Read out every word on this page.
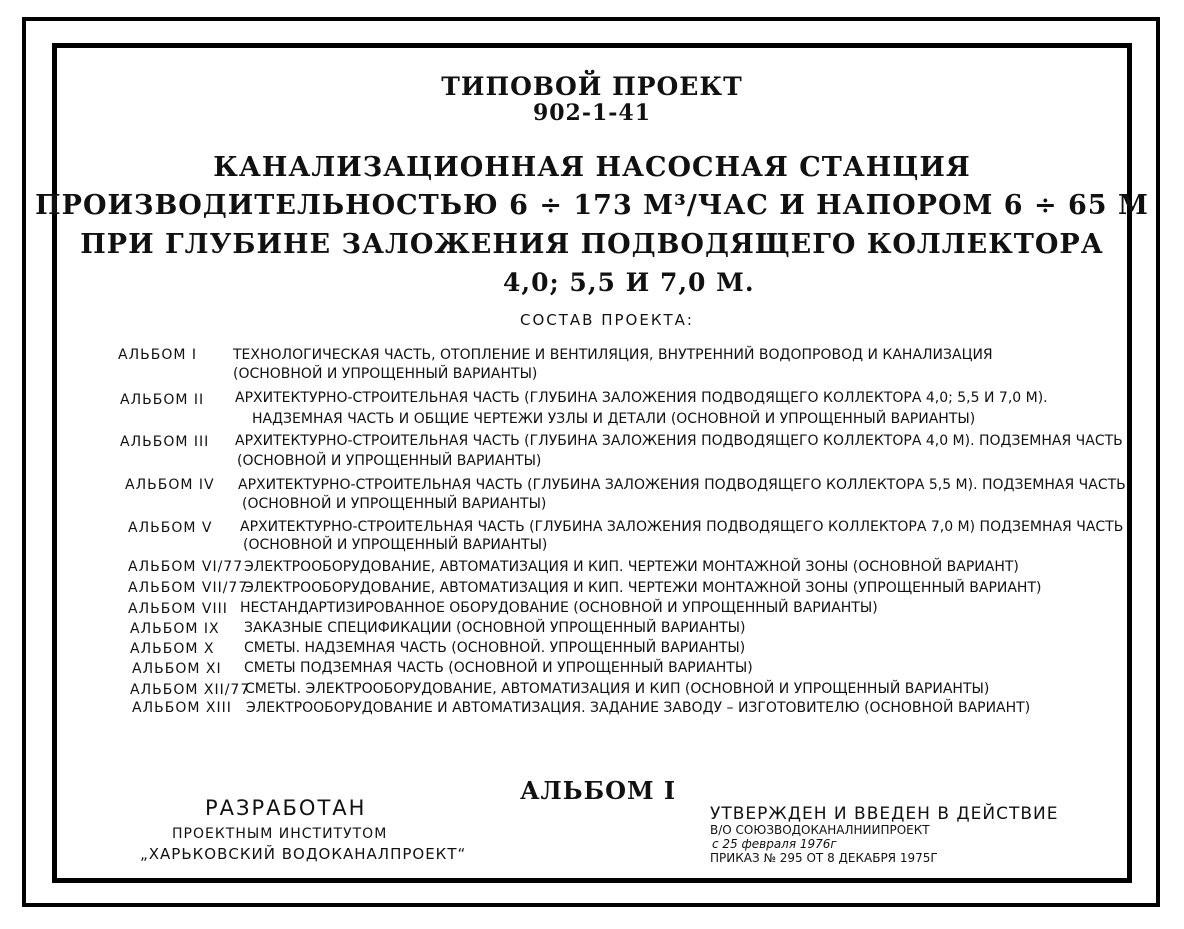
ТИПОВОЙ ПРОЕКТ
902-1-41
КАНАЛИЗАЦИОННАЯ НАСОСНАЯ СТАНЦИЯ
ПРОИЗВОДИТЕЛЬНОСТЬЮ 6 ÷ 173 М³/ЧАС И НАПОРОМ 6 ÷ 65 М
ПРИ ГЛУБИНЕ ЗАЛОЖЕНИЯ ПОДВОДЯЩЕГО КОЛЛЕКТОРА
4,0; 5,5 И 7,0 М.
СОСТАВ ПРОЕКТА:
АЛЬБОМ I	ТЕХНОЛОГИЧЕСКАЯ ЧАСТЬ, ОТОПЛЕНИЕ И ВЕНТИЛЯЦИЯ, ВНУТРЕННИЙ ВОДОПРОВОД И КАНАЛИЗАЦИЯ
(ОСНОВНОЙ И УПРОЩЕННЫЙ ВАРИАНТЫ)
АЛЬБОМ II АРХИТЕКТУРНО-СТРОИТЕЛЬНАЯ ЧАСТЬ (ГЛУБИНА ЗАЛОЖЕНИЯ ПОДВОДЯЩЕГО КОЛЛЕКТОРА 4,0; 5,5 И 7,0 М).
НАДЗЕМНАЯ ЧАСТЬ И ОБЩИЕ ЧЕРТЕЖИ УЗЛЫ И ДЕТАЛИ (ОСНОВНОЙ И УПРОЩЕННЫЙ ВАРИАНТЫ)
АЛЬБОМ III АРХИТЕКТУРНО-СТРОИТЕЛЬНАЯ ЧАСТЬ (ГЛУБИНА ЗАЛОЖЕНИЯ ПОДВОДЯЩЕГО КОЛЛЕКТОРА 4,0 М). ПОДЗЕМНАЯ ЧАСТЬ
(ОСНОВНОЙ И УПРОЩЕННЫЙ ВАРИАНТЫ)
АЛЬБОМ IV АРХИТЕКТУРНО-СТРОИТЕЛЬНАЯ ЧАСТЬ (ГЛУБИНА ЗАЛОЖЕНИЯ ПОДВОДЯЩЕГО КОЛЛЕКТОРА 5,5 М). ПОДЗЕМНАЯ ЧАСТЬ
(ОСНОВНОЙ И УПРОЩЕННЫЙ ВАРИАНТЫ)
АЛЬБОМ V АРХИТЕКТУРНО-СТРОИТЕЛЬНАЯ ЧАСТЬ (ГЛУБИНА ЗАЛОЖЕНИЯ ПОДВОДЯЩЕГО КОЛЛЕКТОРА 7,0 М) ПОДЗЕМНАЯ ЧАСТЬ
(ОСНОВНОЙ И УПРОЩЕННЫЙ ВАРИАНТЫ)
АЛЬБОМ VI/77 ЭЛЕКТРООБОРУДОВАНИЕ, АВТОМАТИЗАЦИЯ И КИП. ЧЕРТЕЖИ МОНТАЖНОЙ ЗОНЫ (ОСНОВНОЙ ВАРИАНТ)
АЛЬБОМ VII/77
ЭЛЕКТРООБОРУДОВАНИЕ, АВТОМАТИЗАЦИЯ И КИП. ЧЕРТЕЖИ МОНТАЖНОЙ ЗОНЫ (УПРОЩЕННЫЙ ВАРИАНТ)
АЛЬБОМ VIII НЕСТАНДАРТИЗИРОВАННОЕ ОБОРУДОВАНИЕ (ОСНОВНОЙ И УПРОЩЕННЫЙ ВАРИАНТЫ)
АЛЬБОМ IX ЗАКАЗНЫЕ СПЕЦИФИКАЦИИ (ОСНОВНОЙ УПРОЩЕННЫЙ ВАРИАНТЫ)
АЛЬБОМ X СМЕТЫ. НАДЗЕМНАЯ ЧАСТЬ (ОСНОВНОЙ. УПРОЩЕННЫЙ ВАРИАНТЫ)
АЛЬБОМ XI СМЕТЫ ПОДЗЕМНАЯ ЧАСТЬ (ОСНОВНОЙ И УПРОЩЕННЫЙ ВАРИАНТЫ)
АЛЬБОМ XII/77
СМЕТЫ. ЭЛЕКТРООБОРУДОВАНИЕ, АВТОМАТИЗАЦИЯ И КИП (ОСНОВНОЙ И УПРОЩЕННЫЙ ВАРИАНТЫ)
АЛЬБОМ XIII ЭЛЕКТРООБОРУДОВАНИЕ И АВТОМАТИЗАЦИЯ. ЗАДАНИЕ ЗАВОДУ – ИЗГОТОВИТЕЛЮ (ОСНОВНОЙ ВАРИАНТ)
АЛЬБОМ I
РАЗРАБОТАН
ПРОЕКТНЫМ ИНСТИТУТОМ
„ХАРЬКОВСКИЙ ВОДОКАНАЛПРОЕКТ“
УТВЕРЖДЕН И ВВЕДЕН В ДЕЙСТВИЕ
В/О СОЮЗВОДОКАНАЛНИИПРОЕКТ
с 25 февраля 1976г
ПРИКАЗ № 295 ОТ 8 ДЕКАБРЯ 1975Г
